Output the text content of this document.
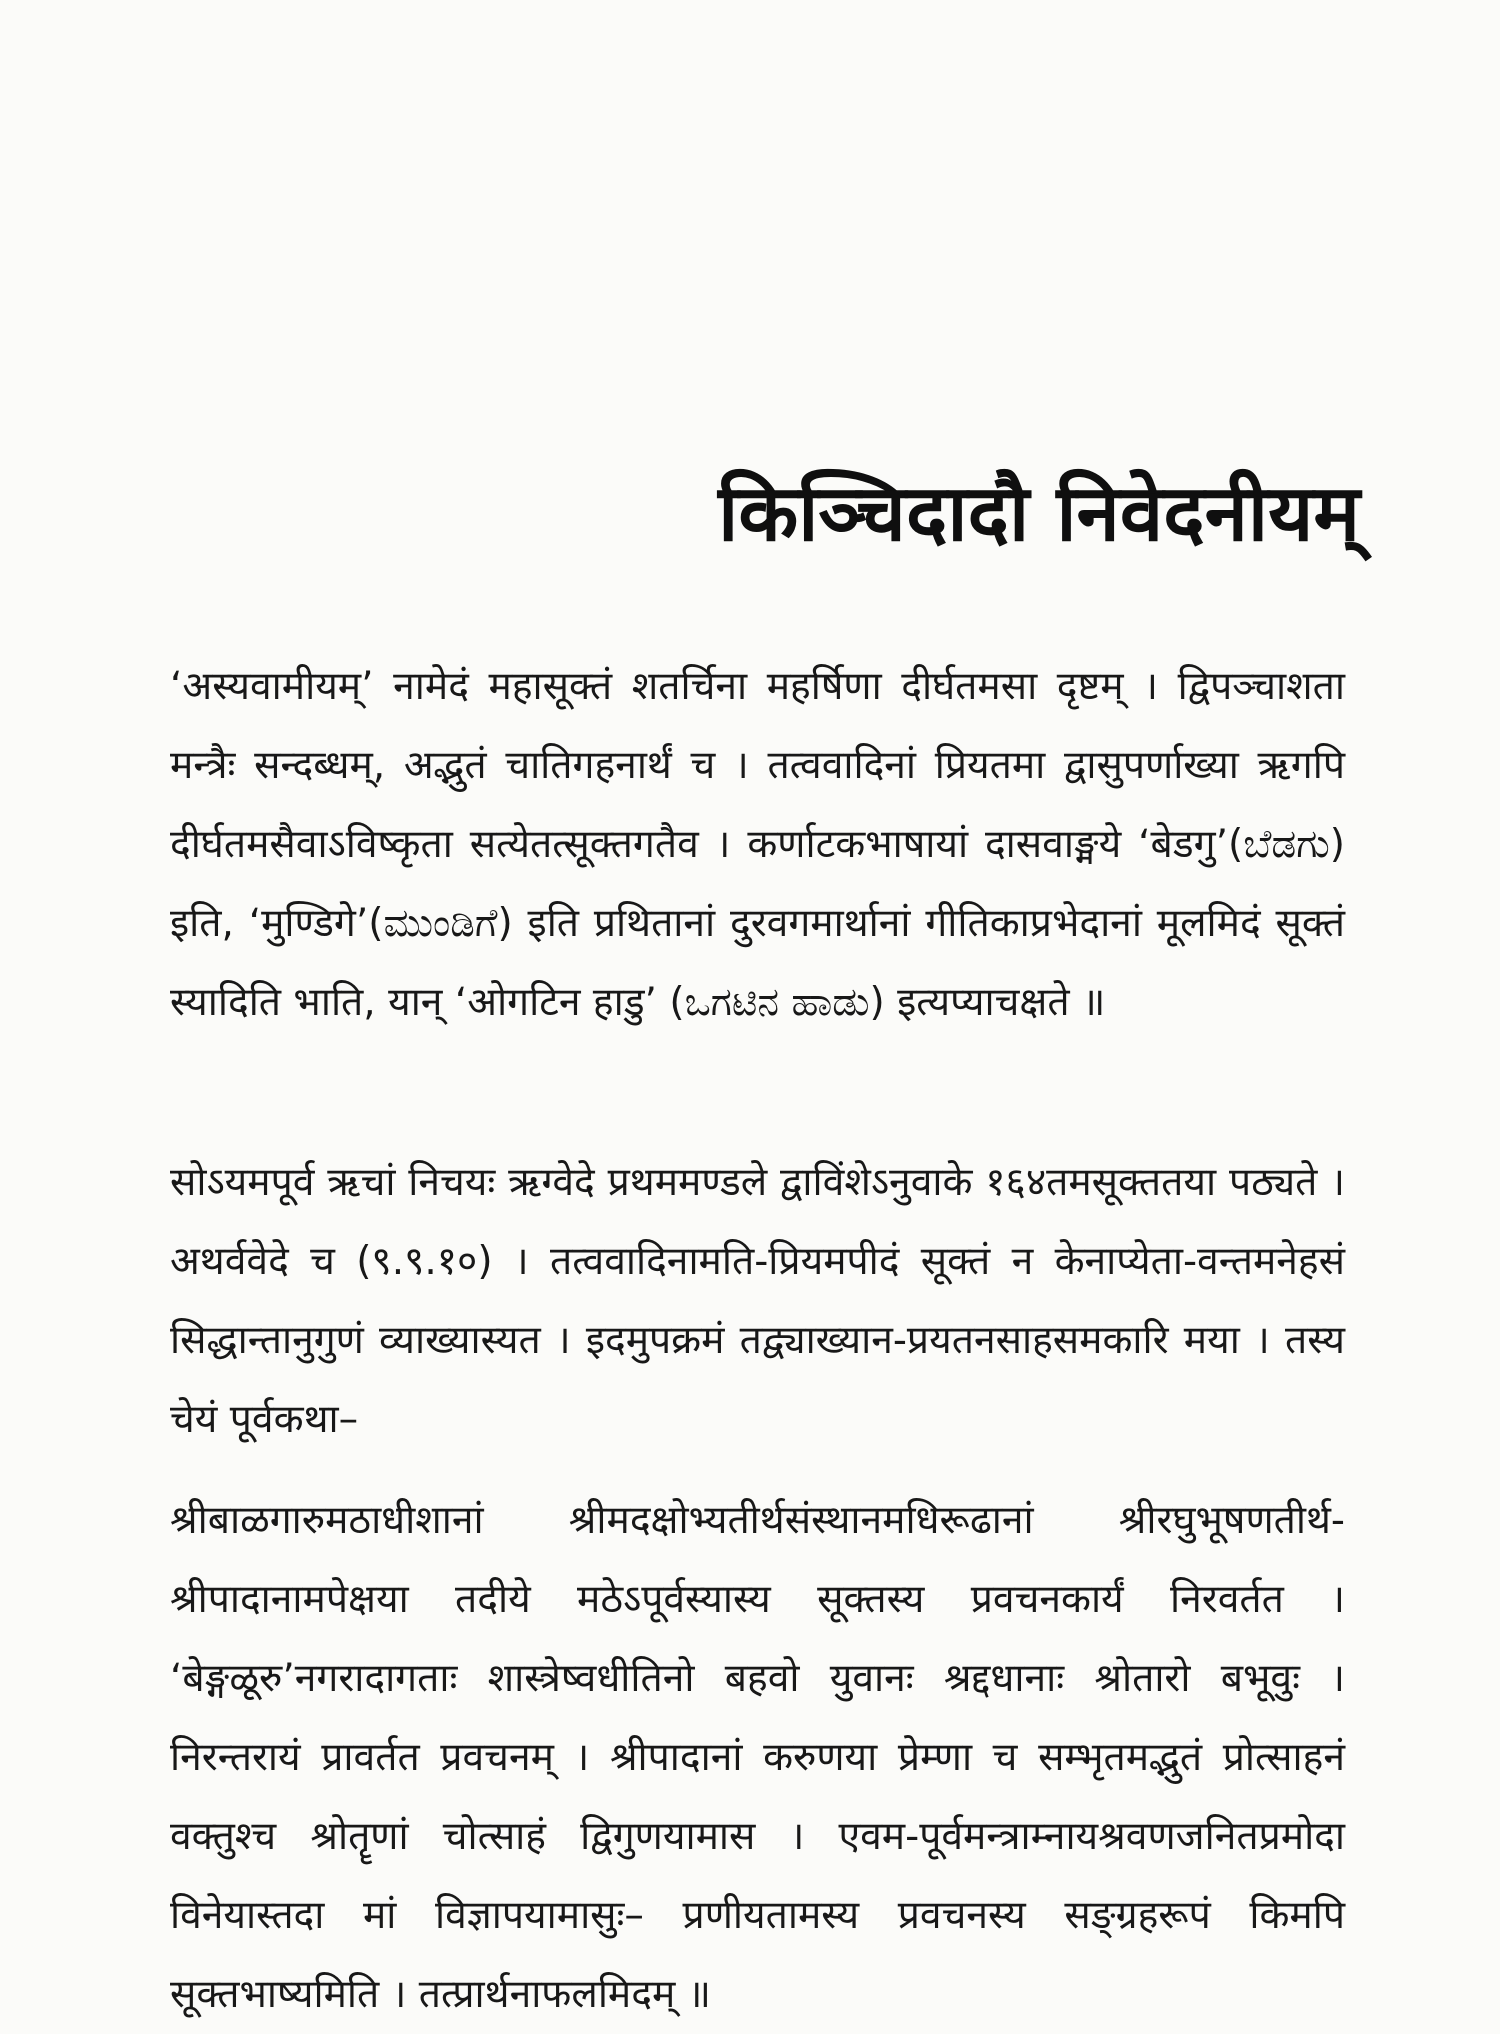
किञ्चिदादौ निवेदनीयम्

‘अस्यवामीयम्’ नामेदं महासूक्तं शतर्चिना महर्षिणा दीर्घतमसा दृष्टम् । द्विपञ्चाशता मन्त्रैः सन्दब्धम्, अद्भुतं चातिगहनार्थं च । तत्ववादिनां प्रियतमा द्वासुपर्णाख्या ऋगपि दीर्घतमसैवाऽविष्कृता सत्येतत्सूक्तगतैव । कर्णाटकभाषायां दासवाङ्मये ‘बेडगु’(ಬೆಡಗು) इति, ‘मुण्डिगे’(ಮುಂಡಿಗೆ) इति प्रथितानां दुरवगमार्थानां गीतिकाप्रभेदानां मूलमिदं सूक्तं स्यादिति भाति, यान् ‘ओगटिन हाडु’ (ಒಗಟಿನ ಹಾಡು) इत्यप्याचक्षते ॥

सोऽयमपूर्व ऋचां निचयः ऋग्वेदे प्रथममण्डले द्वाविंशेऽनुवाके १६४तमसूक्ततया पठ्यते । अथर्ववेदे च (९.९.१०) । तत्ववादिनामति-प्रियमपीदं सूक्तं न केनाप्येता-वन्तमनेहसं सिद्धान्तानुगुणं व्याख्यास्यत । इदमुपक्रमं तद्व्याख्यान-प्रयतनसाहसमकारि मया । तस्य चेयं पूर्वकथा–

श्रीबाळगारुमठाधीशानां श्रीमदक्षोभ्यतीर्थसंस्थानमधिरूढानां श्रीरघुभूषणतीर्थ-श्रीपादानामपेक्षया तदीये मठेऽपूर्वस्यास्य सूक्तस्य प्रवचनकार्यं निरवर्तत । ‘बेङ्गळूरु’नगरादागताः शास्त्रेष्वधीतिनो बहवो युवानः श्रद्दधानाः श्रोतारो बभूवुः । निरन्तरायं प्रावर्तत प्रवचनम् । श्रीपादानां करुणया प्रेम्णा च सम्भृतमद्भुतं प्रोत्साहनं वक्तुश्च श्रोतॄणां चोत्साहं द्विगुणयामास । एवम-पूर्वमन्त्राम्नायश्रवणजनितप्रमोदा विनेयास्तदा मां विज्ञापयामासुः– प्रणीयतामस्य प्रवचनस्य सङ्ग्रहरूपं किमपि सूक्तभाष्यमिति । तत्प्रार्थनाफलमिदम् ॥
